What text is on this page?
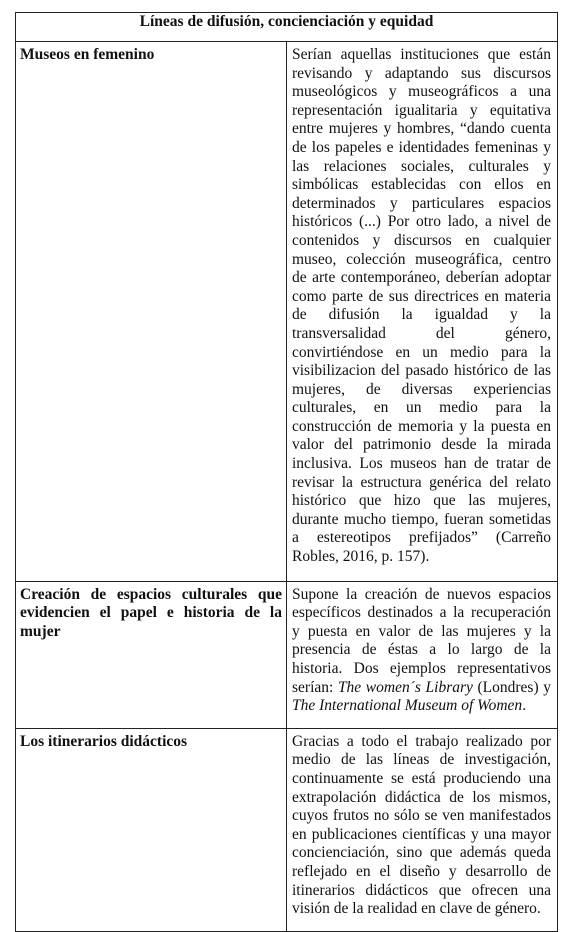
Líneas de difusión, concienciación y equidad	
Museos en femenino	Serían aquellas instituciones que están revisando y adaptando sus discursos museológicos y museográficos a una representación igualitaria y equitativa entre mujeres y hombres, “dando cuenta de los papeles e identidades femeninas y las relaciones sociales, culturales y simbólicas establecidas con ellos en determinados y particulares espacios históricos (...) Por otro lado, a nivel de contenidos y discursos en cualquier museo, colección museográfica, centro de arte contemporáneo, deberían adoptar como parte de sus directrices en materia de difusión la igualdad y la transversalidad del género, convirtiéndose en un medio para la visibilizacion del pasado histórico de las mujeres, de diversas experiencias culturales, en un medio para la construcción de memoria y la puesta en valor del patrimonio desde la mirada inclusiva. Los museos han de tratar de revisar la estructura genérica del relato histórico que hizo que las mujeres, durante mucho tiempo, fueran sometidas a estereotipos prefijados” (Carreño Robles, 2016, p. 157).
Creación de espacios culturales que evidencien el papel e historia de la mujer	Supone la creación de nuevos espacios específicos destinados a la recuperación y puesta en valor de las mujeres y la presencia de éstas a lo largo de la historia. Dos ejemplos representativos serían: The women´s Library (Londres) y The International Museum of Women.
Los itinerarios didácticos	Gracias a todo el trabajo realizado por medio de las líneas de investigación, continuamente se está produciendo una extrapolación didáctica de los mismos, cuyos frutos no sólo se ven manifestados en publicaciones científicas y una mayor concienciación, sino que además queda reflejado en el diseño y desarrollo de itinerarios didácticos que ofrecen una visión de la realidad en clave de género.
